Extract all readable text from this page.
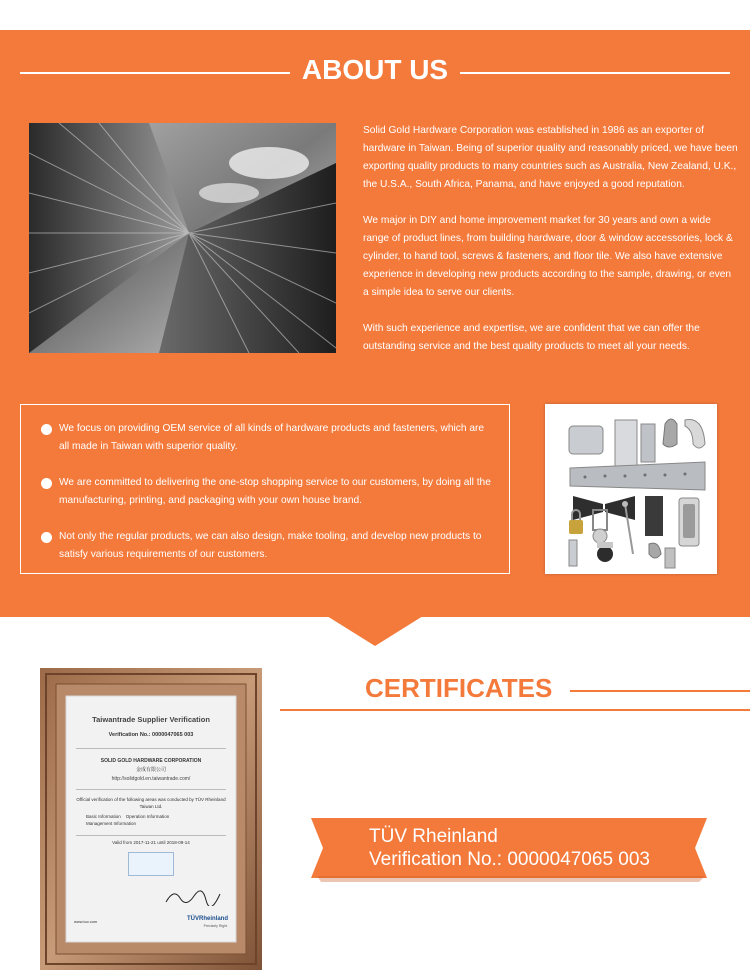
ABOUT US

Solid Gold Hardware Corporation was established in 1986 as an exporter of hardware in Taiwan. Being of superior quality and reasonably priced, we have been exporting quality products to many countries such as Australia, New Zealand, U.K., the U.S.A., South Africa, Panama, and have enjoyed a good reputation.

We major in DIY and home improvement market for 30 years and own a wide range of product lines, from building hardware, door & window accessories, lock & cylinder, to hand tool, screws & fasteners, and floor tile. We also have extensive experience in developing new products according to the sample, drawing, or even a simple idea to serve our clients.

With such experience and expertise, we are confident that we can offer the outstanding service and the best quality products to meet all your needs.

We focus on providing OEM service of all kinds of hardware products and fasteners, which are all made in Taiwan with superior quality.
We are committed to delivering the one-stop shopping service to our customers, by doing all the manufacturing, printing, and packaging with your own house brand.
Not only the regular products, we can also design, make tooling, and develop new products to satisfy various requirements of our customers.
Taiwantrade Supplier Verification
Verification No.: 0000047065 003
SOLID GOLD HARDWARE CORPORATION
金成有限公司
http://solidgold.en.taiwantrade.com/
Official verification of the following areas was conducted by TÜV Rheinland Taiwan Ltd.
Basic Information Operation Information
Management Information
Valid from 2017-11-21 until 2018-09-14
www.tuv.com	TÜVRheinland
Precisely Right.
CERTIFICATES
TÜV Rheinland
Verification No.: 0000047065 003
